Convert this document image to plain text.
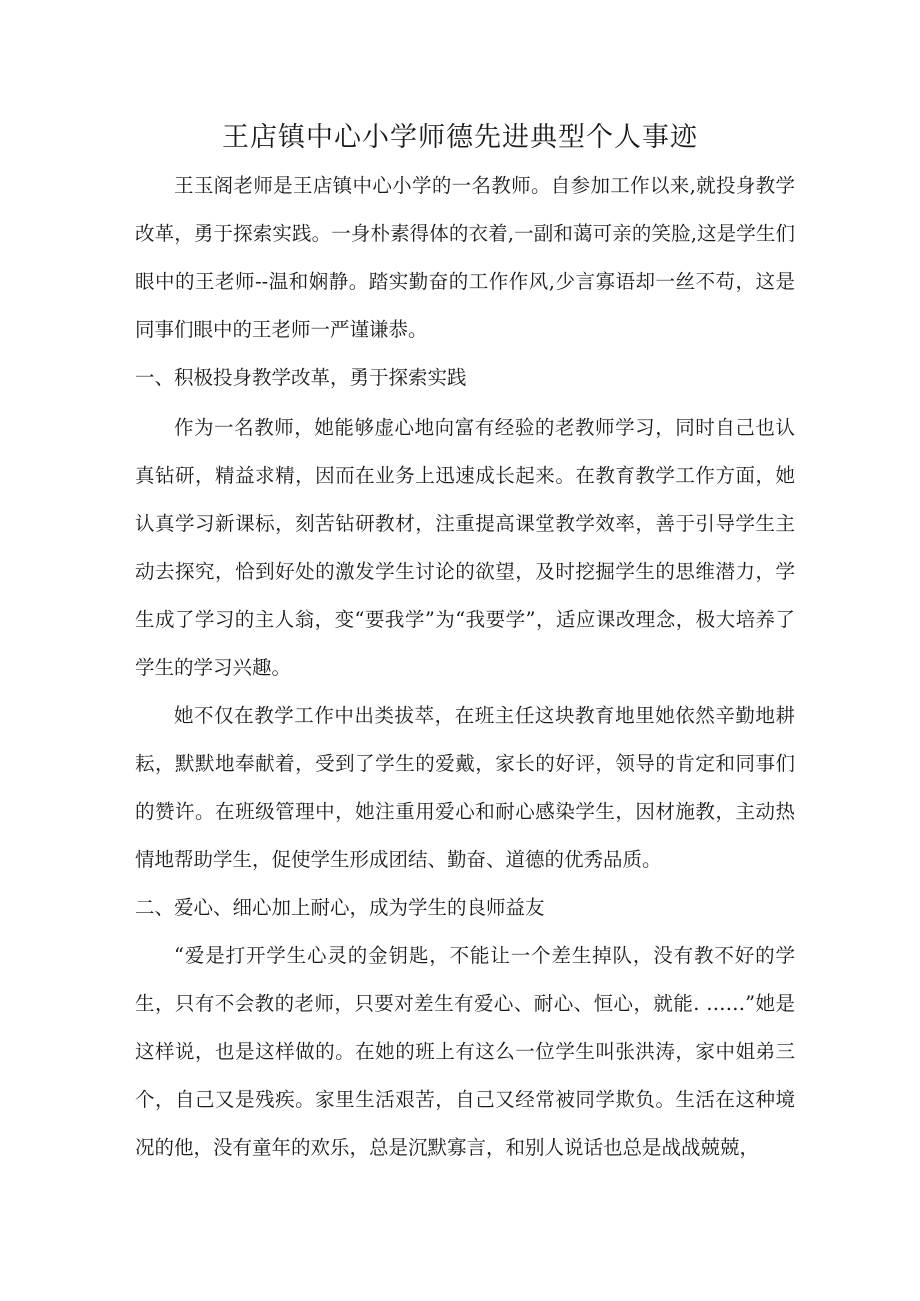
王店镇中心小学师德先进典型个人事迹
王玉阁老师是王店镇中心小学的一名教师。自参加工作以来,就投身教学改革，勇于探索实践。一身朴素得体的衣着,一副和蔼可亲的笑脸,这是学生们眼中的王老师--温和娴静。踏实勤奋的工作作风,少言寡语却一丝不苟，这是同事们眼中的王老师一严谨谦恭。
一、积极投身教学改革，勇于探索实践
作为一名教师，她能够虚心地向富有经验的老教师学习，同时自己也认真钻研，精益求精，因而在业务上迅速成长起来。在教育教学工作方面，她认真学习新课标，刻苦钻研教材，注重提高课堂教学效率，善于引导学生主动去探究，恰到好处的激发学生讨论的欲望，及时挖掘学生的思维潜力，学生成了学习的主人翁，变“要我学”为“我要学”，适应课改理念，极大培养了学生的学习兴趣。
她不仅在教学工作中出类拔萃，在班主任这块教育地里她依然辛勤地耕耘，默默地奉献着，受到了学生的爱戴，家长的好评，领导的肯定和同事们的赞许。在班级管理中，她注重用爱心和耐心感染学生，因材施教，主动热情地帮助学生，促使学生形成团结、勤奋、道德的优秀品质。
二、爱心、细心加上耐心，成为学生的良师益友
“爱是打开学生心灵的金钥匙，不能让一个差生掉队，没有教不好的学生，只有不会教的老师，只要对差生有爱心、耐心、恒心，就能. ……”她是这样说，也是这样做的。在她的班上有这么一位学生叫张洪涛，家中姐弟三个，自己又是残疾。家里生活艰苦，自己又经常被同学欺负。生活在这种境况的他，没有童年的欢乐，总是沉默寡言，和别人说话也总是战战兢兢，
